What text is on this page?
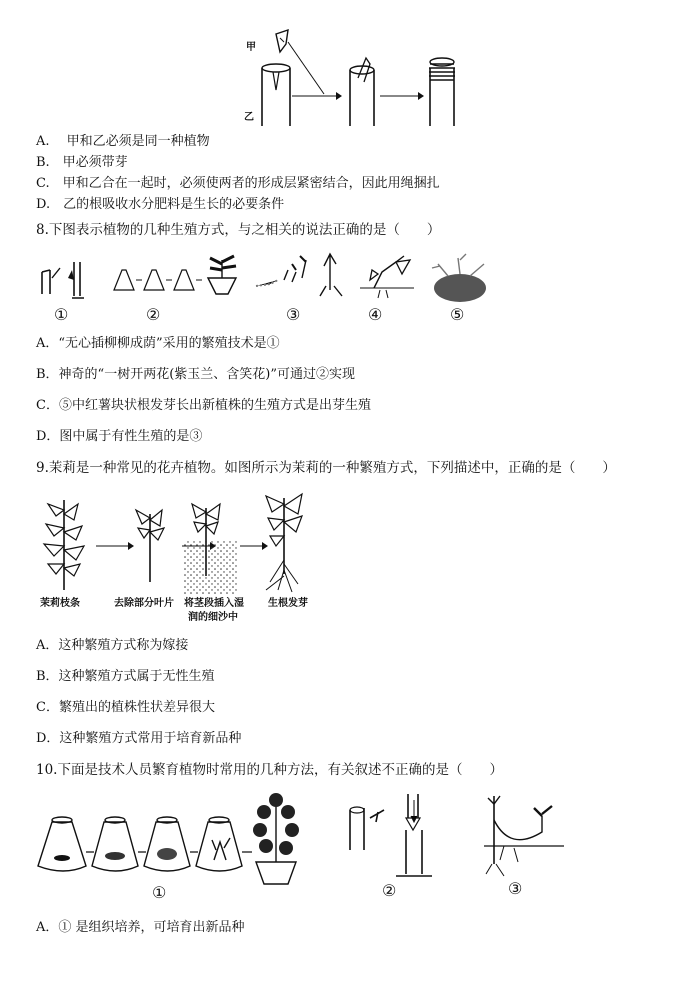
甲
乙
A.　 甲和乙必须是同一种植物
B.　甲必须带芽
C.　甲和乙合在一起时，必须使两者的形成层紧密结合，因此用绳捆扎
D.　乙的根吸收水分肥料是生长的必要条件
8.下图表示植物的几种生殖方式，与之相关的说法正确的是（　　）
①	②	③	④	⑤
A．“无心插柳柳成荫”采用的繁殖技术是①
B．神奇的“一树开两花(紫玉兰、含笑花)”可通过②实现
C．⑤中红薯块状根发芽长出新植株的生殖方式是出芽生殖
D．图中属于有性生殖的是③
9.茉莉是一种常见的花卉植物。如图所示为茉莉的一种繁殖方式，下列描述中，正确的是（　　）
茉莉枝条	去除部分叶片 将茎段插入湿
润的细沙中
生根发芽
A．这种繁殖方式称为嫁接
B．这种繁殖方式属于无性生殖
C．繁殖出的植株性状差异很大
D．这种繁殖方式常用于培育新品种
10.下面是技术人员繁育植物时常用的几种方法，有关叙述不正确的是（　　）
①	②	③
A．① 是组织培养，可培育出新品种
